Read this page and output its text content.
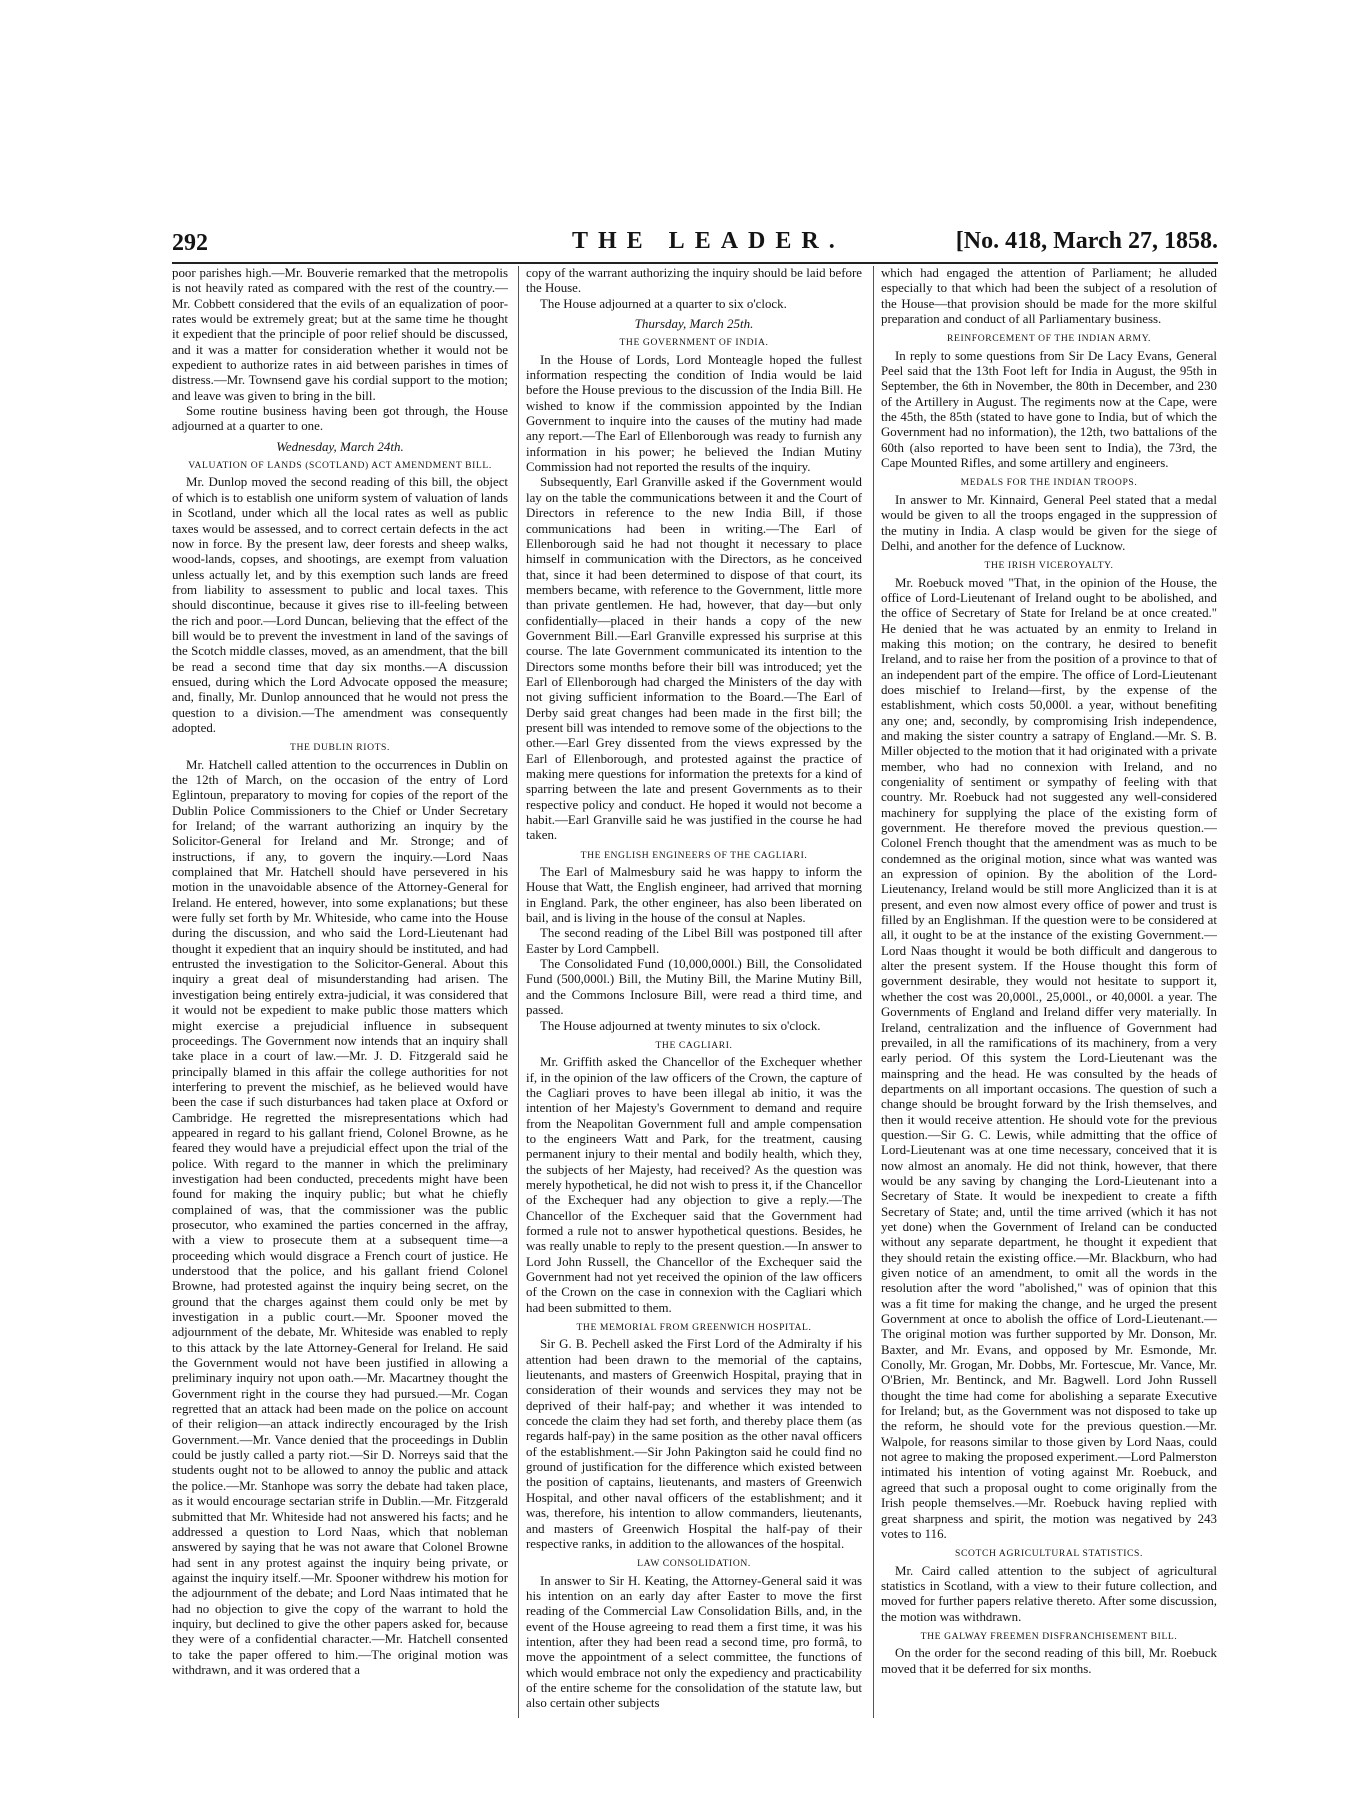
292	THE LEADER.	[No. 418, March 27, 1858.

poor parishes high.—Mr. Bouverie remarked that the metropolis is not heavily rated as compared with the rest of the country.—Mr. Cobbett considered that the evils of an equalization of poor-rates would be extremely great; but at the same time he thought it expedient that the principle of poor relief should be discussed, and it was a matter for consideration whether it would not be expedient to authorize rates in aid between parishes in times of distress.—Mr. Townsend gave his cordial support to the motion; and leave was given to bring in the bill.

Some routine business having been got through, the House adjourned at a quarter to one.

Wednesday, March 24th.
VALUATION OF LANDS (SCOTLAND) ACT AMENDMENT BILL.

Mr. Dunlop moved the second reading of this bill, the object of which is to establish one uniform system of valuation of lands in Scotland, under which all the local rates as well as public taxes would be assessed, and to correct certain defects in the act now in force. By the present law, deer forests and sheep walks, wood-lands, copses, and shootings, are exempt from valuation unless actually let, and by this exemption such lands are freed from liability to assessment to public and local taxes. This should discontinue, because it gives rise to ill-feeling between the rich and poor.—Lord Duncan, believing that the effect of the bill would be to prevent the investment in land of the savings of the Scotch middle classes, moved, as an amendment, that the bill be read a second time that day six months.—A discussion ensued, during which the Lord Advocate opposed the measure; and, finally, Mr. Dunlop announced that he would not press the question to a division.—The amendment was consequently adopted.

THE DUBLIN RIOTS.

Mr. Hatchell called attention to the occurrences in Dublin on the 12th of March, on the occasion of the entry of Lord Eglintoun, preparatory to moving for copies of the report of the Dublin Police Commissioners to the Chief or Under Secretary for Ireland; of the warrant authorizing an inquiry by the Solicitor-General for Ireland and Mr. Stronge; and of instructions, if any, to govern the inquiry.—Lord Naas complained that Mr. Hatchell should have persevered in his motion in the unavoidable absence of the Attorney-General for Ireland. He entered, however, into some explanations; but these were fully set forth by Mr. Whiteside, who came into the House during the discussion, and who said the Lord-Lieutenant had thought it expedient that an inquiry should be instituted, and had entrusted the investigation to the Solicitor-General. About this inquiry a great deal of misunderstanding had arisen. The investigation being entirely extra-judicial, it was considered that it would not be expedient to make public those matters which might exercise a prejudicial influence in subsequent proceedings. The Government now intends that an inquiry shall take place in a court of law.—Mr. J. D. Fitzgerald said he principally blamed in this affair the college authorities for not interfering to prevent the mischief, as he believed would have been the case if such disturbances had taken place at Oxford or Cambridge. He regretted the misrepresentations which had appeared in regard to his gallant friend, Colonel Browne, as he feared they would have a prejudicial effect upon the trial of the police. With regard to the manner in which the preliminary investigation had been conducted, precedents might have been found for making the inquiry public; but what he chiefly complained of was, that the commissioner was the public prosecutor, who examined the parties concerned in the affray, with a view to prosecute them at a subsequent time—a proceeding which would disgrace a French court of justice. He understood that the police, and his gallant friend Colonel Browne, had protested against the inquiry being secret, on the ground that the charges against them could only be met by investigation in a public court.—Mr. Spooner moved the adjournment of the debate, Mr. Whiteside was enabled to reply to this attack by the late Attorney-General for Ireland. He said the Government would not have been justified in allowing a preliminary inquiry not upon oath.—Mr. Macartney thought the Government right in the course they had pursued.—Mr. Cogan regretted that an attack had been made on the police on account of their religion—an attack indirectly encouraged by the Irish Government.—Mr. Vance denied that the proceedings in Dublin could be justly called a party riot.—Sir D. Norreys said that the students ought not to be allowed to annoy the public and attack the police.—Mr. Stanhope was sorry the debate had taken place, as it would encourage sectarian strife in Dublin.—Mr. Fitzgerald submitted that Mr. Whiteside had not answered his facts; and he addressed a question to Lord Naas, which that nobleman answered by saying that he was not aware that Colonel Browne had sent in any protest against the inquiry being private, or against the inquiry itself.—Mr. Spooner withdrew his motion for the adjournment of the debate; and Lord Naas intimated that he had no objection to give the copy of the warrant to hold the inquiry, but declined to give the other papers asked for, because they were of a confidential character.—Mr. Hatchell consented to take the paper offered to him.—The original motion was withdrawn, and it was ordered that a

copy of the warrant authorizing the inquiry should be laid before the House.

The House adjourned at a quarter to six o'clock.

Thursday, March 25th.
THE GOVERNMENT OF INDIA.

In the House of Lords, Lord Monteagle hoped the fullest information respecting the condition of India would be laid before the House previous to the discussion of the India Bill. He wished to know if the commission appointed by the Indian Government to inquire into the causes of the mutiny had made any report.—The Earl of Ellenborough was ready to furnish any information in his power; he believed the Indian Mutiny Commission had not reported the results of the inquiry.

Subsequently, Earl Granville asked if the Government would lay on the table the communications between it and the Court of Directors in reference to the new India Bill, if those communications had been in writing.—The Earl of Ellenborough said he had not thought it necessary to place himself in communication with the Directors, as he conceived that, since it had been determined to dispose of that court, its members became, with reference to the Government, little more than private gentlemen. He had, however, that day—but only confidentially—placed in their hands a copy of the new Government Bill.—Earl Granville expressed his surprise at this course. The late Government communicated its intention to the Directors some months before their bill was introduced; yet the Earl of Ellenborough had charged the Ministers of the day with not giving sufficient information to the Board.—The Earl of Derby said great changes had been made in the first bill; the present bill was intended to remove some of the objections to the other.—Earl Grey dissented from the views expressed by the Earl of Ellenborough, and protested against the practice of making mere questions for information the pretexts for a kind of sparring between the late and present Governments as to their respective policy and conduct. He hoped it would not become a habit.—Earl Granville said he was justified in the course he had taken.

THE ENGLISH ENGINEERS OF THE CAGLIARI.

The Earl of Malmesbury said he was happy to inform the House that Watt, the English engineer, had arrived that morning in England. Park, the other engineer, has also been liberated on bail, and is living in the house of the consul at Naples.

The second reading of the Libel Bill was postponed till after Easter by Lord Campbell.

The Consolidated Fund (10,000,000l.) Bill, the Consolidated Fund (500,000l.) Bill, the Mutiny Bill, the Marine Mutiny Bill, and the Commons Inclosure Bill, were read a third time, and passed.

The House adjourned at twenty minutes to six o'clock.

THE CAGLIARI.

Mr. Griffith asked the Chancellor of the Exchequer whether if, in the opinion of the law officers of the Crown, the capture of the Cagliari proves to have been illegal ab initio, it was the intention of her Majesty's Government to demand and require from the Neapolitan Government full and ample compensation to the engineers Watt and Park, for the treatment, causing permanent injury to their mental and bodily health, which they, the subjects of her Majesty, had received? As the question was merely hypothetical, he did not wish to press it, if the Chancellor of the Exchequer had any objection to give a reply.—The Chancellor of the Exchequer said that the Government had formed a rule not to answer hypothetical questions. Besides, he was really unable to reply to the present question.—In answer to Lord John Russell, the Chancellor of the Exchequer said the Government had not yet received the opinion of the law officers of the Crown on the case in connexion with the Cagliari which had been submitted to them.

THE MEMORIAL FROM GREENWICH HOSPITAL.

Sir G. B. Pechell asked the First Lord of the Admiralty if his attention had been drawn to the memorial of the captains, lieutenants, and masters of Greenwich Hospital, praying that in consideration of their wounds and services they may not be deprived of their half-pay; and whether it was intended to concede the claim they had set forth, and thereby place them (as regards half-pay) in the same position as the other naval officers of the establishment.—Sir John Pakington said he could find no ground of justification for the difference which existed between the position of captains, lieutenants, and masters of Greenwich Hospital, and other naval officers of the establishment; and it was, therefore, his intention to allow commanders, lieutenants, and masters of Greenwich Hospital the half-pay of their respective ranks, in addition to the allowances of the hospital.

LAW CONSOLIDATION.

In answer to Sir H. Keating, the Attorney-General said it was his intention on an early day after Easter to move the first reading of the Commercial Law Consolidation Bills, and, in the event of the House agreeing to read them a first time, it was his intention, after they had been read a second time, pro formâ, to move the appointment of a select committee, the functions of which would embrace not only the expediency and practicability of the entire scheme for the consolidation of the statute law, but also certain other subjects

which had engaged the attention of Parliament; he alluded especially to that which had been the subject of a resolution of the House—that provision should be made for the more skilful preparation and conduct of all Parliamentary business.

REINFORCEMENT OF THE INDIAN ARMY.

In reply to some questions from Sir De Lacy Evans, General Peel said that the 13th Foot left for India in August, the 95th in September, the 6th in November, the 80th in December, and 230 of the Artillery in August. The regiments now at the Cape, were the 45th, the 85th (stated to have gone to India, but of which the Government had no information), the 12th, two battalions of the 60th (also reported to have been sent to India), the 73rd, the Cape Mounted Rifles, and some artillery and engineers.

MEDALS FOR THE INDIAN TROOPS.

In answer to Mr. Kinnaird, General Peel stated that a medal would be given to all the troops engaged in the suppression of the mutiny in India. A clasp would be given for the siege of Delhi, and another for the defence of Lucknow.

THE IRISH VICEROYALTY.

Mr. Roebuck moved "That, in the opinion of the House, the office of Lord-Lieutenant of Ireland ought to be abolished, and the office of Secretary of State for Ireland be at once created." He denied that he was actuated by an enmity to Ireland in making this motion; on the contrary, he desired to benefit Ireland, and to raise her from the position of a province to that of an independent part of the empire. The office of Lord-Lieutenant does mischief to Ireland—first, by the expense of the establishment, which costs 50,000l. a year, without benefiting any one; and, secondly, by compromising Irish independence, and making the sister country a satrapy of England.—Mr. S. B. Miller objected to the motion that it had originated with a private member, who had no connexion with Ireland, and no congeniality of sentiment or sympathy of feeling with that country. Mr. Roebuck had not suggested any well-considered machinery for supplying the place of the existing form of government. He therefore moved the previous question.—Colonel French thought that the amendment was as much to be condemned as the original motion, since what was wanted was an expression of opinion. By the abolition of the Lord-Lieutenancy, Ireland would be still more Anglicized than it is at present, and even now almost every office of power and trust is filled by an Englishman. If the question were to be considered at all, it ought to be at the instance of the existing Government.—Lord Naas thought it would be both difficult and dangerous to alter the present system. If the House thought this form of government desirable, they would not hesitate to support it, whether the cost was 20,000l., 25,000l., or 40,000l. a year. The Governments of England and Ireland differ very materially. In Ireland, centralization and the influence of Government had prevailed, in all the ramifications of its machinery, from a very early period. Of this system the Lord-Lieutenant was the mainspring and the head. He was consulted by the heads of departments on all important occasions. The question of such a change should be brought forward by the Irish themselves, and then it would receive attention. He should vote for the previous question.—Sir G. C. Lewis, while admitting that the office of Lord-Lieutenant was at one time necessary, conceived that it is now almost an anomaly. He did not think, however, that there would be any saving by changing the Lord-Lieutenant into a Secretary of State. It would be inexpedient to create a fifth Secretary of State; and, until the time arrived (which it has not yet done) when the Government of Ireland can be conducted without any separate department, he thought it expedient that they should retain the existing office.—Mr. Blackburn, who had given notice of an amendment, to omit all the words in the resolution after the word "abolished," was of opinion that this was a fit time for making the change, and he urged the present Government at once to abolish the office of Lord-Lieutenant.—The original motion was further supported by Mr. Donson, Mr. Baxter, and Mr. Evans, and opposed by Mr. Esmonde, Mr. Conolly, Mr. Grogan, Mr. Dobbs, Mr. Fortescue, Mr. Vance, Mr. O'Brien, Mr. Bentinck, and Mr. Bagwell. Lord John Russell thought the time had come for abolishing a separate Executive for Ireland; but, as the Government was not disposed to take up the reform, he should vote for the previous question.—Mr. Walpole, for reasons similar to those given by Lord Naas, could not agree to making the proposed experiment.—Lord Palmerston intimated his intention of voting against Mr. Roebuck, and agreed that such a proposal ought to come originally from the Irish people themselves.—Mr. Roebuck having replied with great sharpness and spirit, the motion was negatived by 243 votes to 116.

SCOTCH AGRICULTURAL STATISTICS.

Mr. Caird called attention to the subject of agricultural statistics in Scotland, with a view to their future collection, and moved for further papers relative thereto. After some discussion, the motion was withdrawn.

THE GALWAY FREEMEN DISFRANCHISEMENT BILL.

On the order for the second reading of this bill, Mr. Roebuck moved that it be deferred for six months.
